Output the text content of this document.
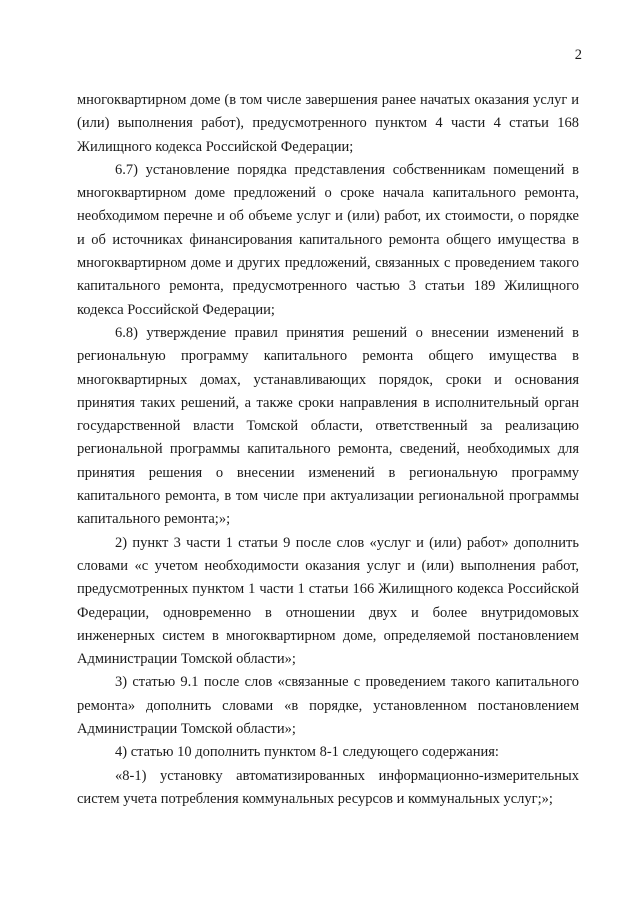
2

многоквартирном доме (в том числе завершения ранее начатых оказания услуг и (или) выполнения работ), предусмотренного пунктом 4 части 4 статьи 168 Жилищного кодекса Российской Федерации;

6.7) установление порядка представления собственникам помещений в многоквартирном доме предложений о сроке начала капитального ремонта, необходимом перечне и об объеме услуг и (или) работ, их стоимости, о порядке и об источниках финансирования капитального ремонта общего имущества в многоквартирном доме и других предложений, связанных с проведением такого капитального ремонта, предусмотренного частью 3 статьи 189 Жилищного кодекса Российской Федерации;

6.8) утверждение правил принятия решений о внесении изменений в региональную программу капитального ремонта общего имущества в многоквартирных домах, устанавливающих порядок, сроки и основания принятия таких решений, а также сроки направления в исполнительный орган государственной власти Томской области, ответственный за реализацию региональной программы капитального ремонта, сведений, необходимых для принятия решения о внесении изменений в региональную программу капитального ремонта, в том числе при актуализации региональной программы капитального ремонта;»;

2) пункт 3 части 1 статьи 9 после слов «услуг и (или) работ» дополнить словами «с учетом необходимости оказания услуг и (или) выполнения работ, предусмотренных пунктом 1 части 1 статьи 166 Жилищного кодекса Российской Федерации, одновременно в отношении двух и более внутридомовых инженерных систем в многоквартирном доме, определяемой постановлением Администрации Томской области»;

3) статью 9.1 после слов «связанные с проведением такого капитального ремонта» дополнить словами «в порядке, установленном постановлением Администрации Томской области»;

4) статью 10 дополнить пунктом 8-1 следующего содержания:

«8-1) установку автоматизированных информационно-измерительных систем учета потребления коммунальных ресурсов и коммунальных услуг;»;
